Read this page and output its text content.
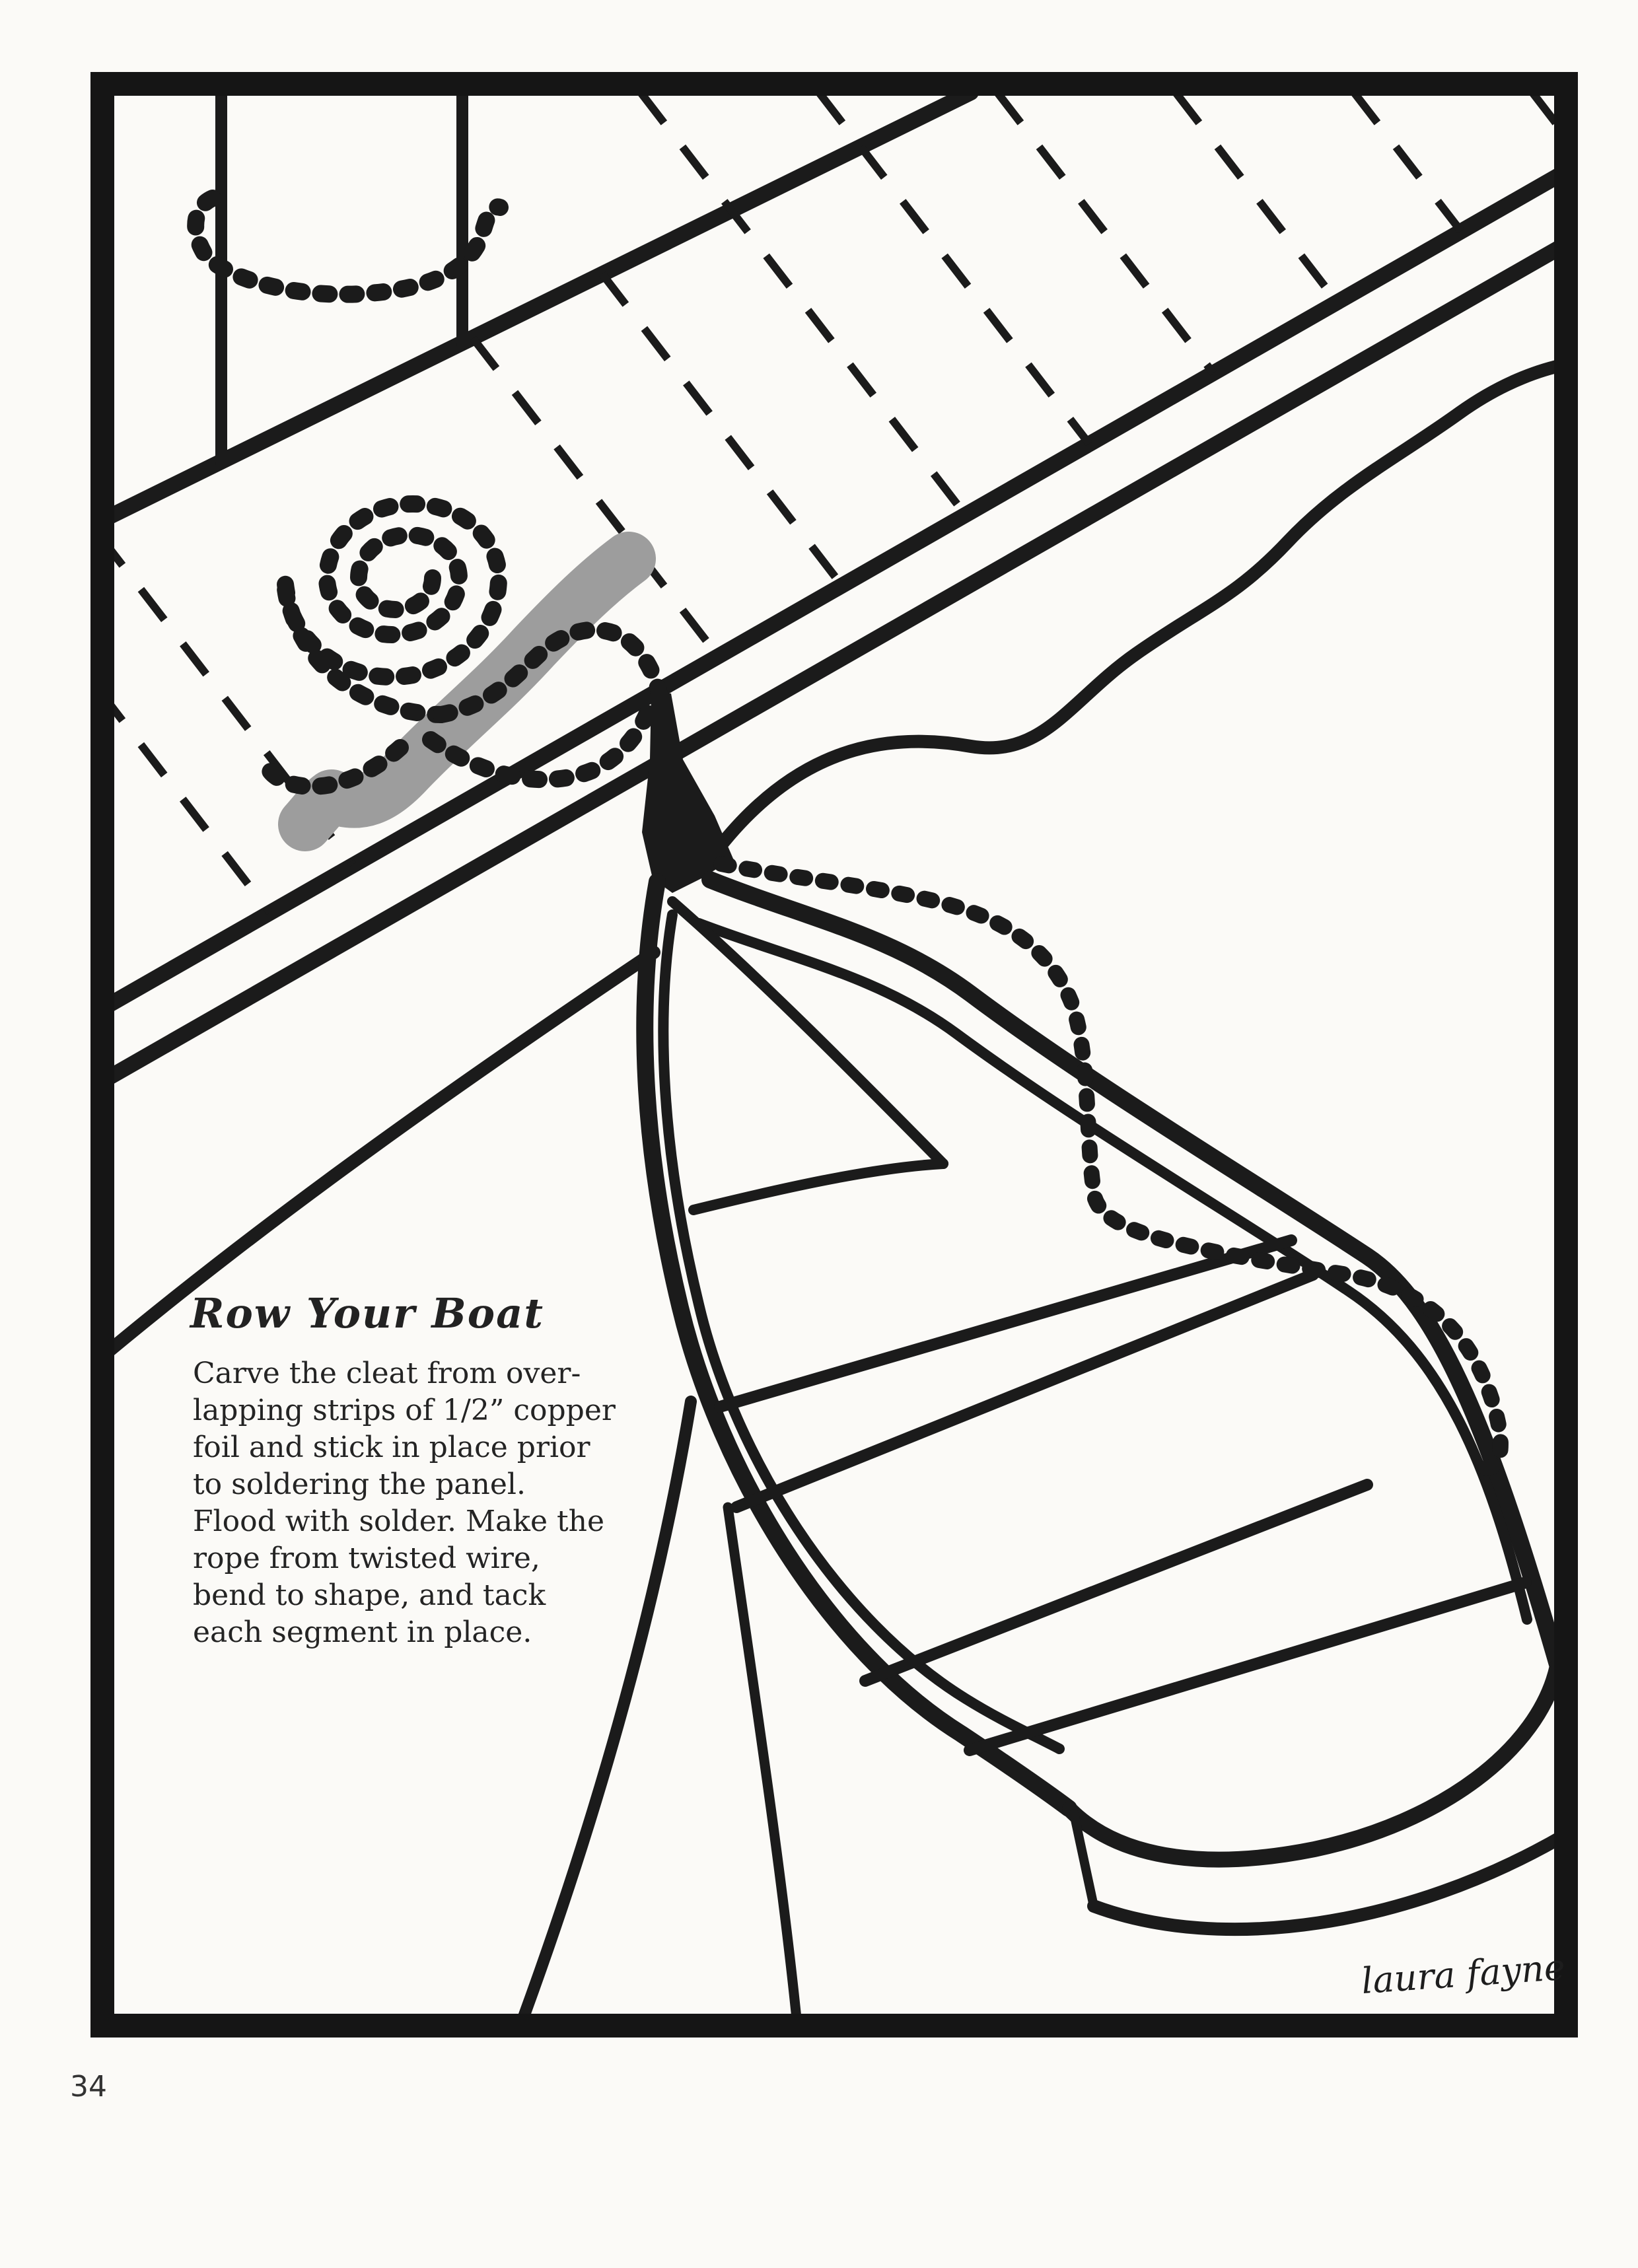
Row Your Boat
Carve the cleat from over-
lapping strips of 1/2” copper
foil and stick in place prior
to soldering the panel.
Flood with solder. Make the
rope from twisted wire,
bend to shape, and tack
each segment in place.
laura fayne
34
